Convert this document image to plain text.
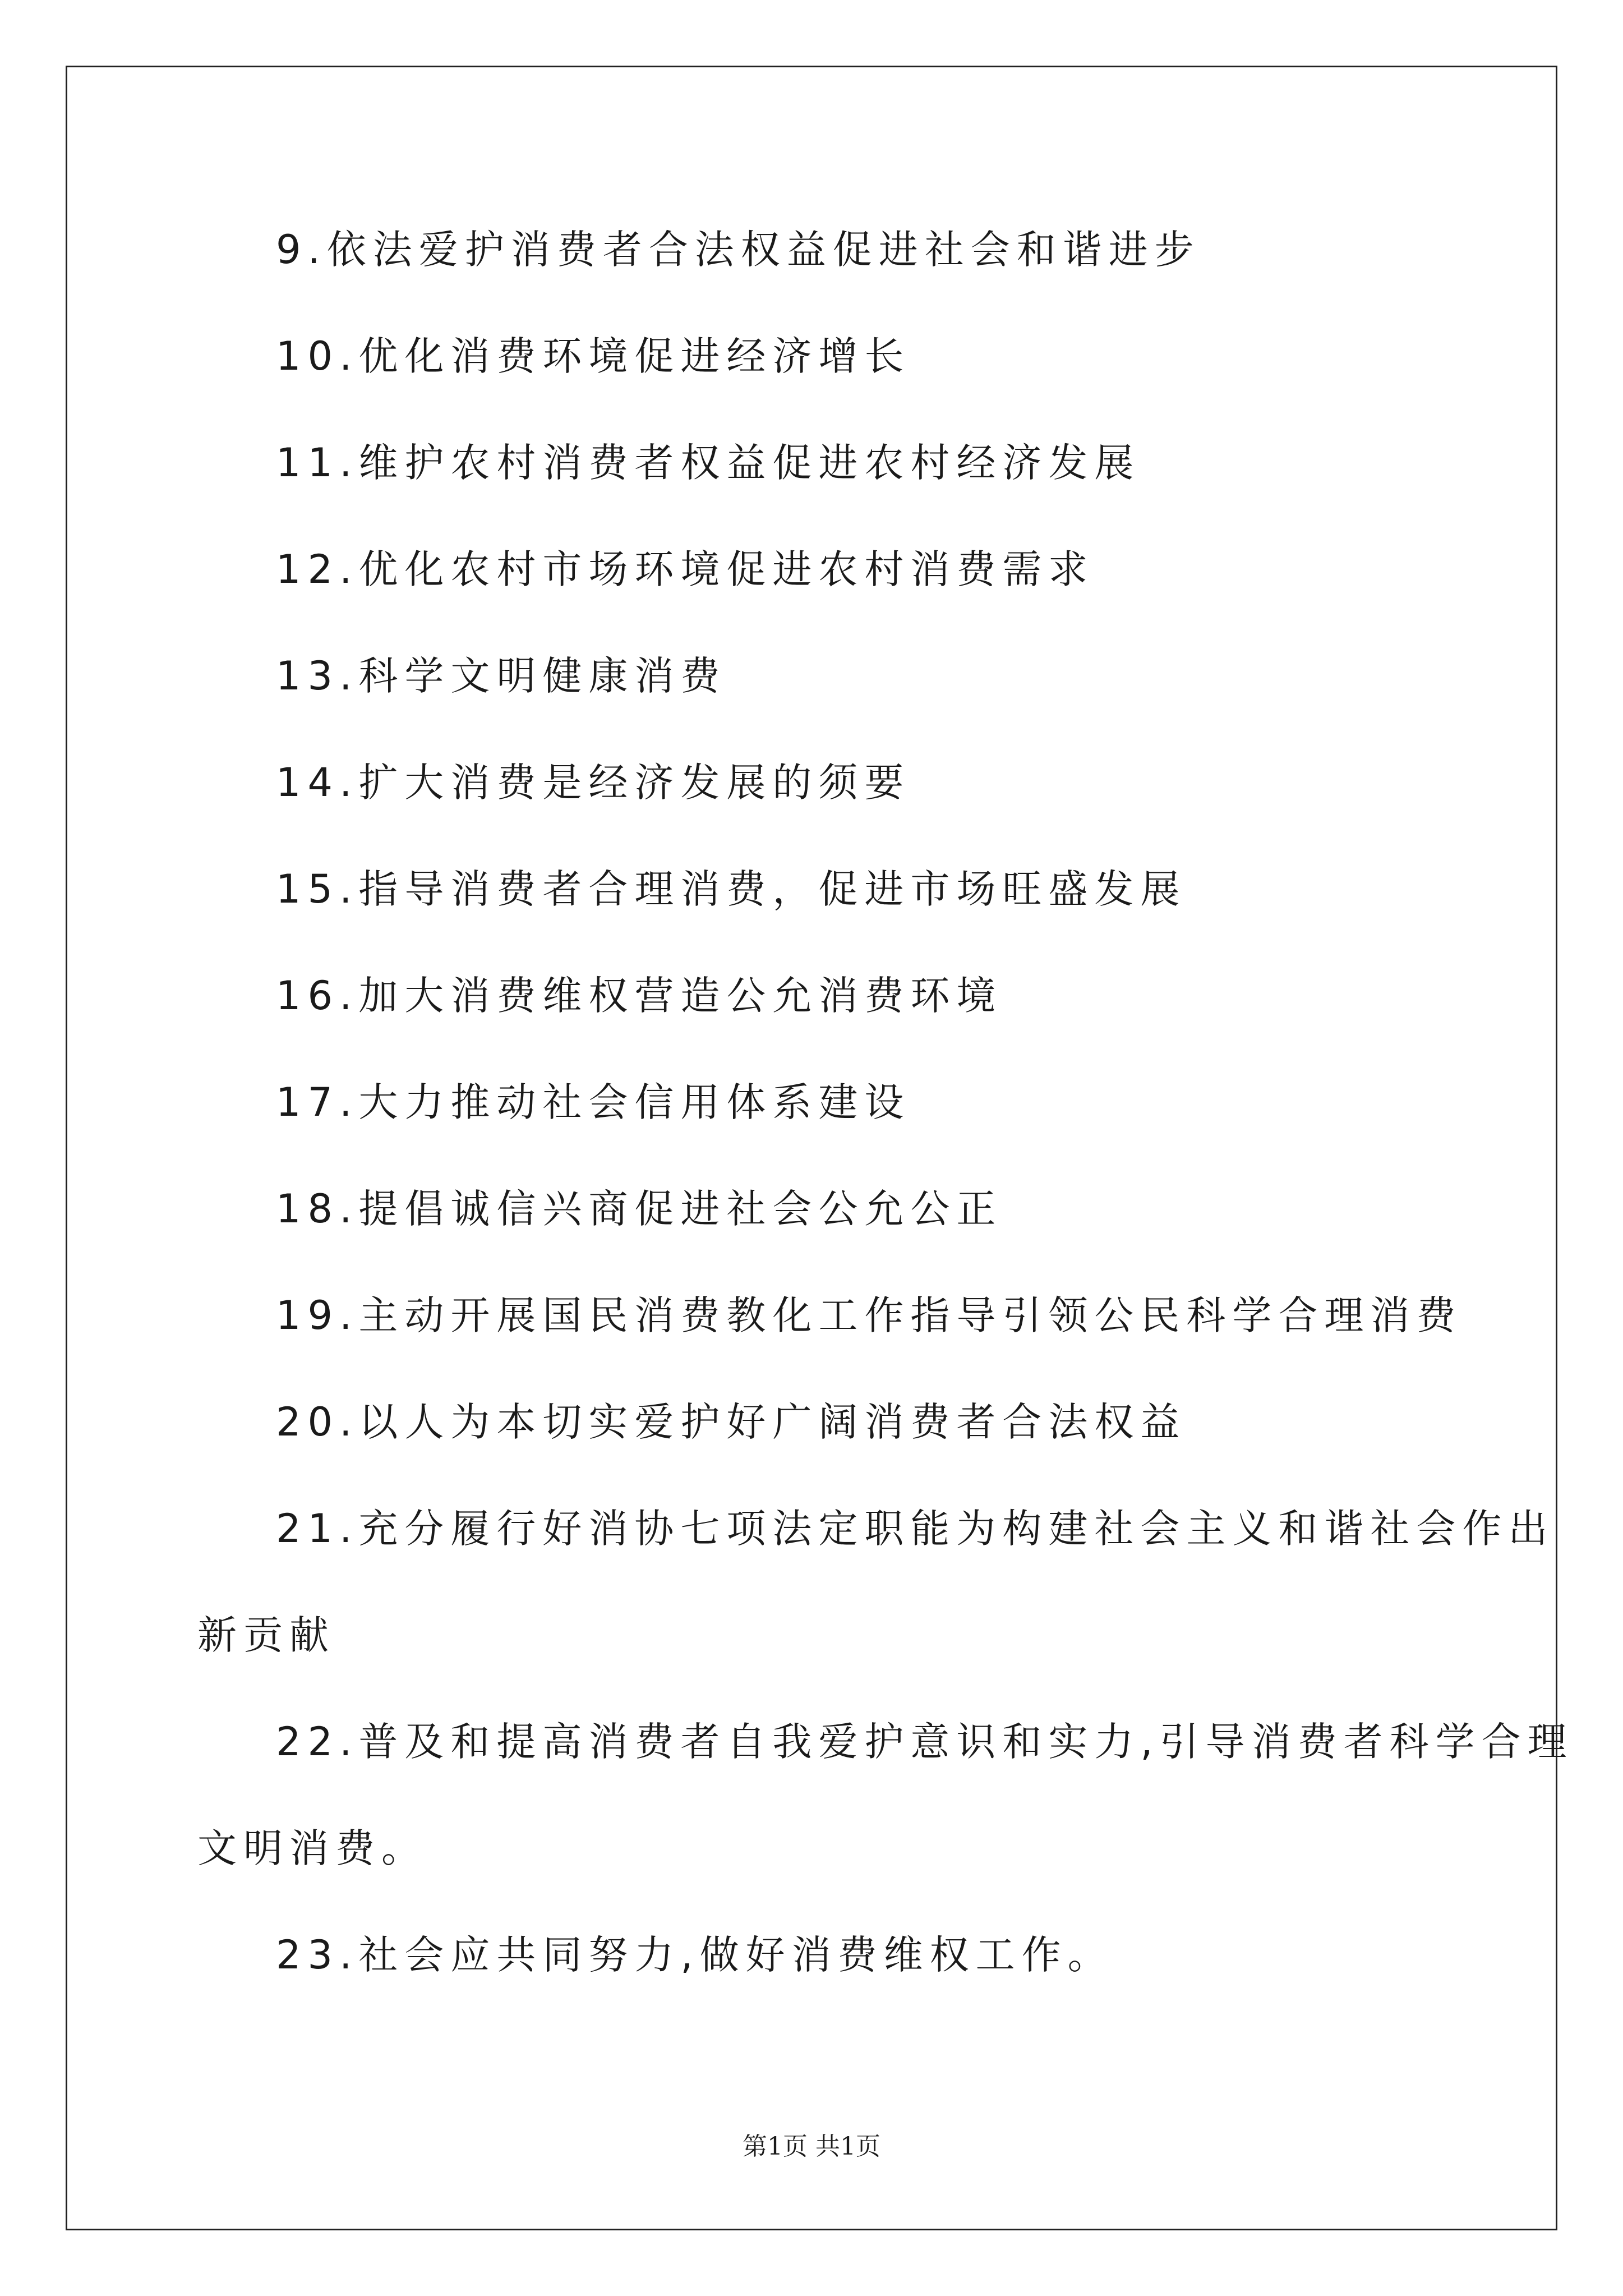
9.依法爱护消费者合法权益促进社会和谐进步
10.优化消费环境促进经济增长
11.维护农村消费者权益促进农村经济发展
12.优化农村市场环境促进农村消费需求
13.科学文明健康消费
14.扩大消费是经济发展的须要
15.指导消费者合理消费，促进市场旺盛发展
16.加大消费维权营造公允消费环境
17.大力推动社会信用体系建设
18.提倡诚信兴商促进社会公允公正
19.主动开展国民消费教化工作指导引领公民科学合理消费
20.以人为本切实爱护好广阔消费者合法权益
21.充分履行好消协七项法定职能为构建社会主义和谐社会作出
新贡献
22.普及和提高消费者自我爱护意识和实力,引导消费者科学合理
文明消费。
23.社会应共同努力,做好消费维权工作。
第1页 共1页
